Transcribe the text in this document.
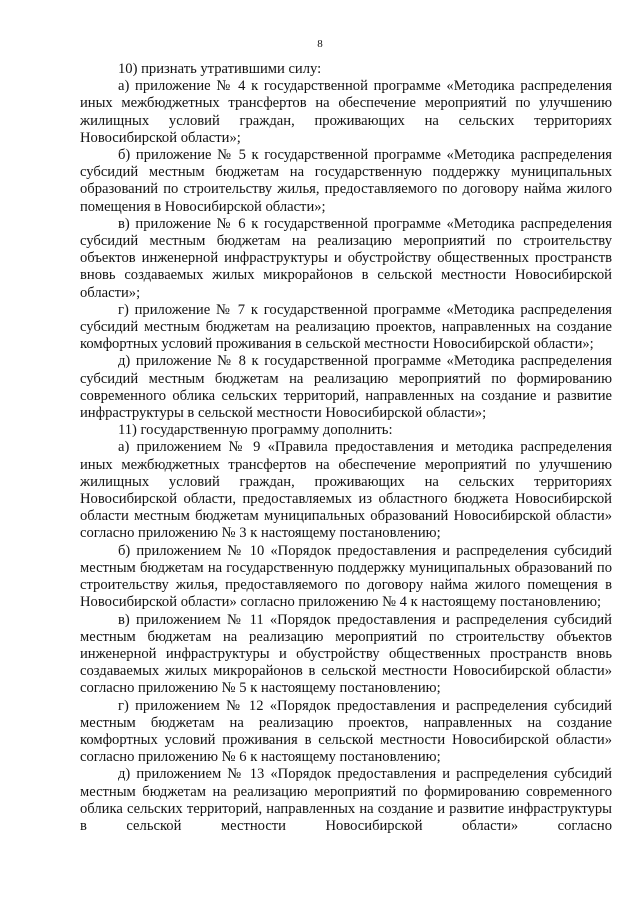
8

10) признать утратившими силу:

а) приложение № 4 к государственной программе «Методика распределения иных межбюджетных трансфертов на обеспечение мероприятий по улучшению жилищных условий граждан, проживающих на сельских территориях Новосибирской области»;

б) приложение № 5 к государственной программе «Методика распределения субсидий местным бюджетам на государственную поддержку муниципальных образований по строительству жилья, предоставляемого по договору найма жилого помещения в Новосибирской области»;

в) приложение № 6 к государственной программе «Методика распределения субсидий местным бюджетам на реализацию мероприятий по строительству объектов инженерной инфраструктуры и обустройству общественных пространств вновь создаваемых жилых микрорайонов в сельской местности Новосибирской области»;

г) приложение № 7 к государственной программе «Методика распределения субсидий местным бюджетам на реализацию проектов, направленных на создание комфортных условий проживания в сельской местности Новосибирской области»;

д) приложение № 8 к государственной программе «Методика распределения субсидий местным бюджетам на реализацию мероприятий по формированию современного облика сельских территорий, направленных на создание и развитие инфраструктуры в сельской местности Новосибирской области»;

11) государственную программу дополнить:

а) приложением № 9 «Правила предоставления и методика распределения иных межбюджетных трансфертов на обеспечение мероприятий по улучшению жилищных условий граждан, проживающих на сельских территориях Новосибирской области, предоставляемых из областного бюджета Новосибирской области местным бюджетам муниципальных образований Новосибирской области» согласно приложению № 3 к настоящему постановлению;

б) приложением № 10 «Порядок предоставления и распределения субсидий местным бюджетам на государственную поддержку муниципальных образований по строительству жилья, предоставляемого по договору найма жилого помещения в Новосибирской области» согласно приложению № 4 к настоящему постановлению;

в) приложением № 11 «Порядок предоставления и распределения субсидий местным бюджетам на реализацию мероприятий по строительству объектов инженерной инфраструктуры и обустройству общественных пространств вновь создаваемых жилых микрорайонов в сельской местности Новосибирской области» согласно приложению № 5 к настоящему постановлению;

г) приложением № 12 «Порядок предоставления и распределения субсидий местным бюджетам на реализацию проектов, направленных на создание комфортных условий проживания в сельской местности Новосибирской области» согласно приложению № 6 к настоящему постановлению;

д) приложением № 13 «Порядок предоставления и распределения субсидий местным бюджетам на реализацию мероприятий по формированию современного облика сельских территорий, направленных на создание и развитие инфраструктуры в сельской местности Новосибирской области» согласно
